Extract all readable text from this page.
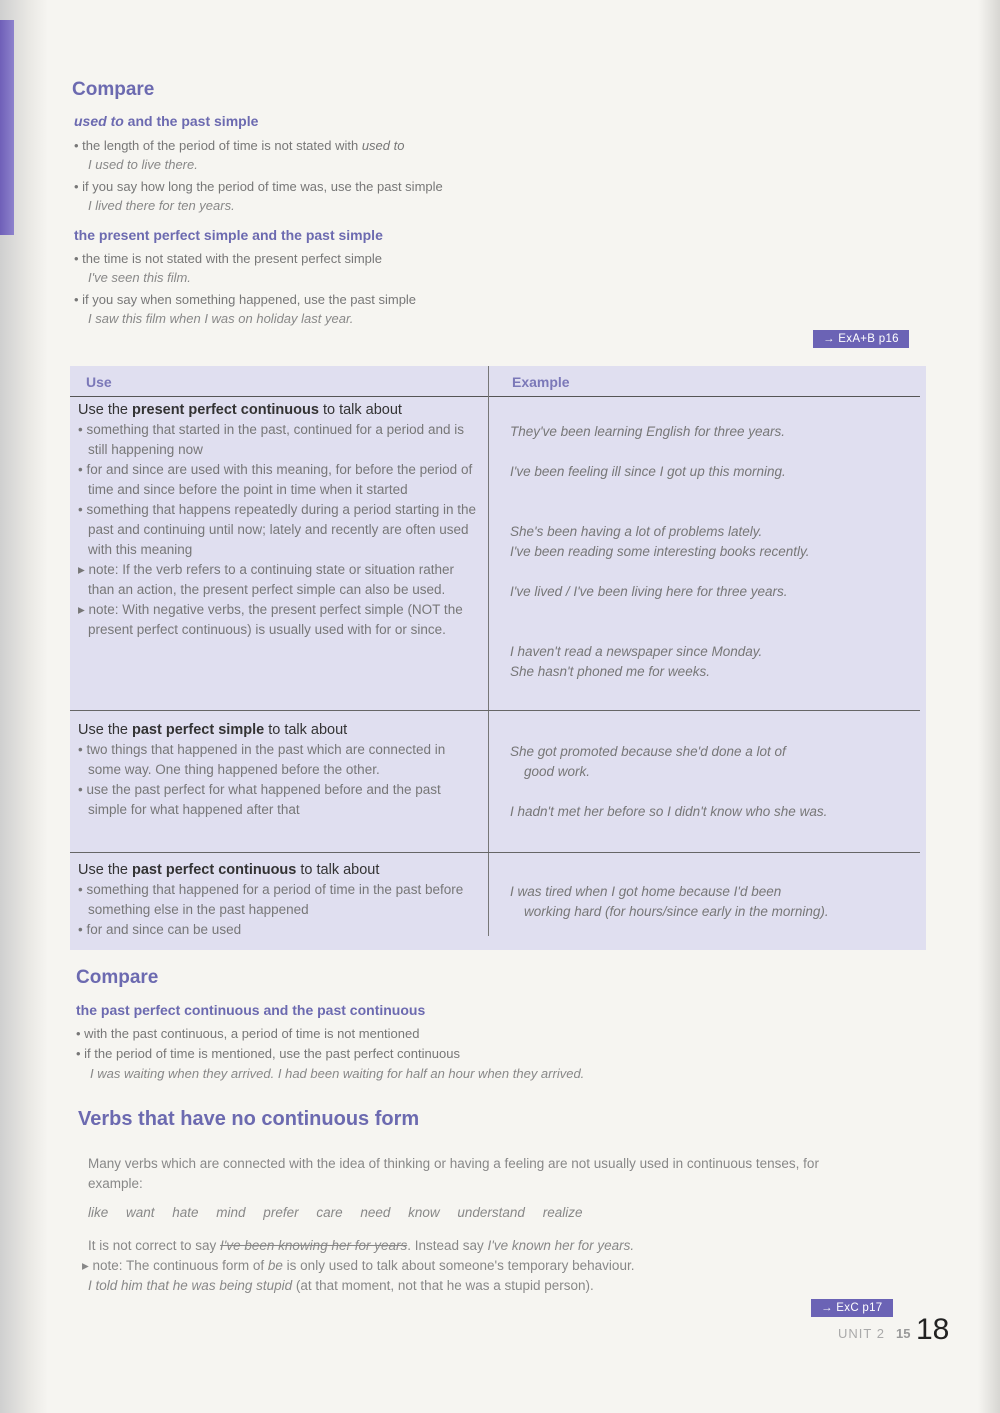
Compare
used to and the past simple
• the length of the period of time is not stated with used to
I used to live there.
• if you say how long the period of time was, use the past simple
I lived there for ten years.
the present perfect simple and the past simple
• the time is not stated with the present perfect simple
I've seen this film.
• if you say when something happened, use the past simple
I saw this film when I was on holiday last year.
→ ExA+B p16
Use	Example
Use the present perfect continuous to talk about
• something that started in the past, continued for a period and is still happening now
• for and since are used with this meaning, for before the period of time and since before the point in time when it started
• something that happens repeatedly during a period starting in the past and continuing until now; lately and recently are often used with this meaning
▸ note: If the verb refers to a continuing state or situation rather than an action, the present perfect simple can also be used.
▸ note: With negative verbs, the present perfect simple (NOT the present perfect continuous) is usually used with for or since.
They've been learning English for three years.
I've been feeling ill since I got up this morning.
She's been having a lot of problems lately.
I've been reading some interesting books recently.
I've lived / I've been living here for three years.
I haven't read a newspaper since Monday.
She hasn't phoned me for weeks.
Use the past perfect simple to talk about
• two things that happened in the past which are connected in some way. One thing happened before the other.
• use the past perfect for what happened before and the past simple for what happened after that
She got promoted because she'd done a lot of
good work.
I hadn't met her before so I didn't know who she was.
Use the past perfect continuous to talk about
• something that happened for a period of time in the past before something else in the past happened
• for and since can be used
I was tired when I got home because I'd been
working hard (for hours/since early in the morning).
Compare
the past perfect continuous and the past continuous
• with the past continuous, a period of time is not mentioned
• if the period of time is mentioned, use the past perfect continuous
I was waiting when they arrived. I had been waiting for half an hour when they arrived.
Verbs that have no continuous form
Many verbs which are connected with the idea of thinking or having a feeling are not usually used in continuous tenses, for example:
like want hate mind prefer care need know understand realize
It is not correct to say I've been knowing her for years. Instead say I've known her for years.
▸ note: The continuous form of be is only used to talk about someone's temporary behaviour.
I told him that he was being stupid (at that moment, not that he was a stupid person).
→ ExC p17
UNIT 2 15 18
